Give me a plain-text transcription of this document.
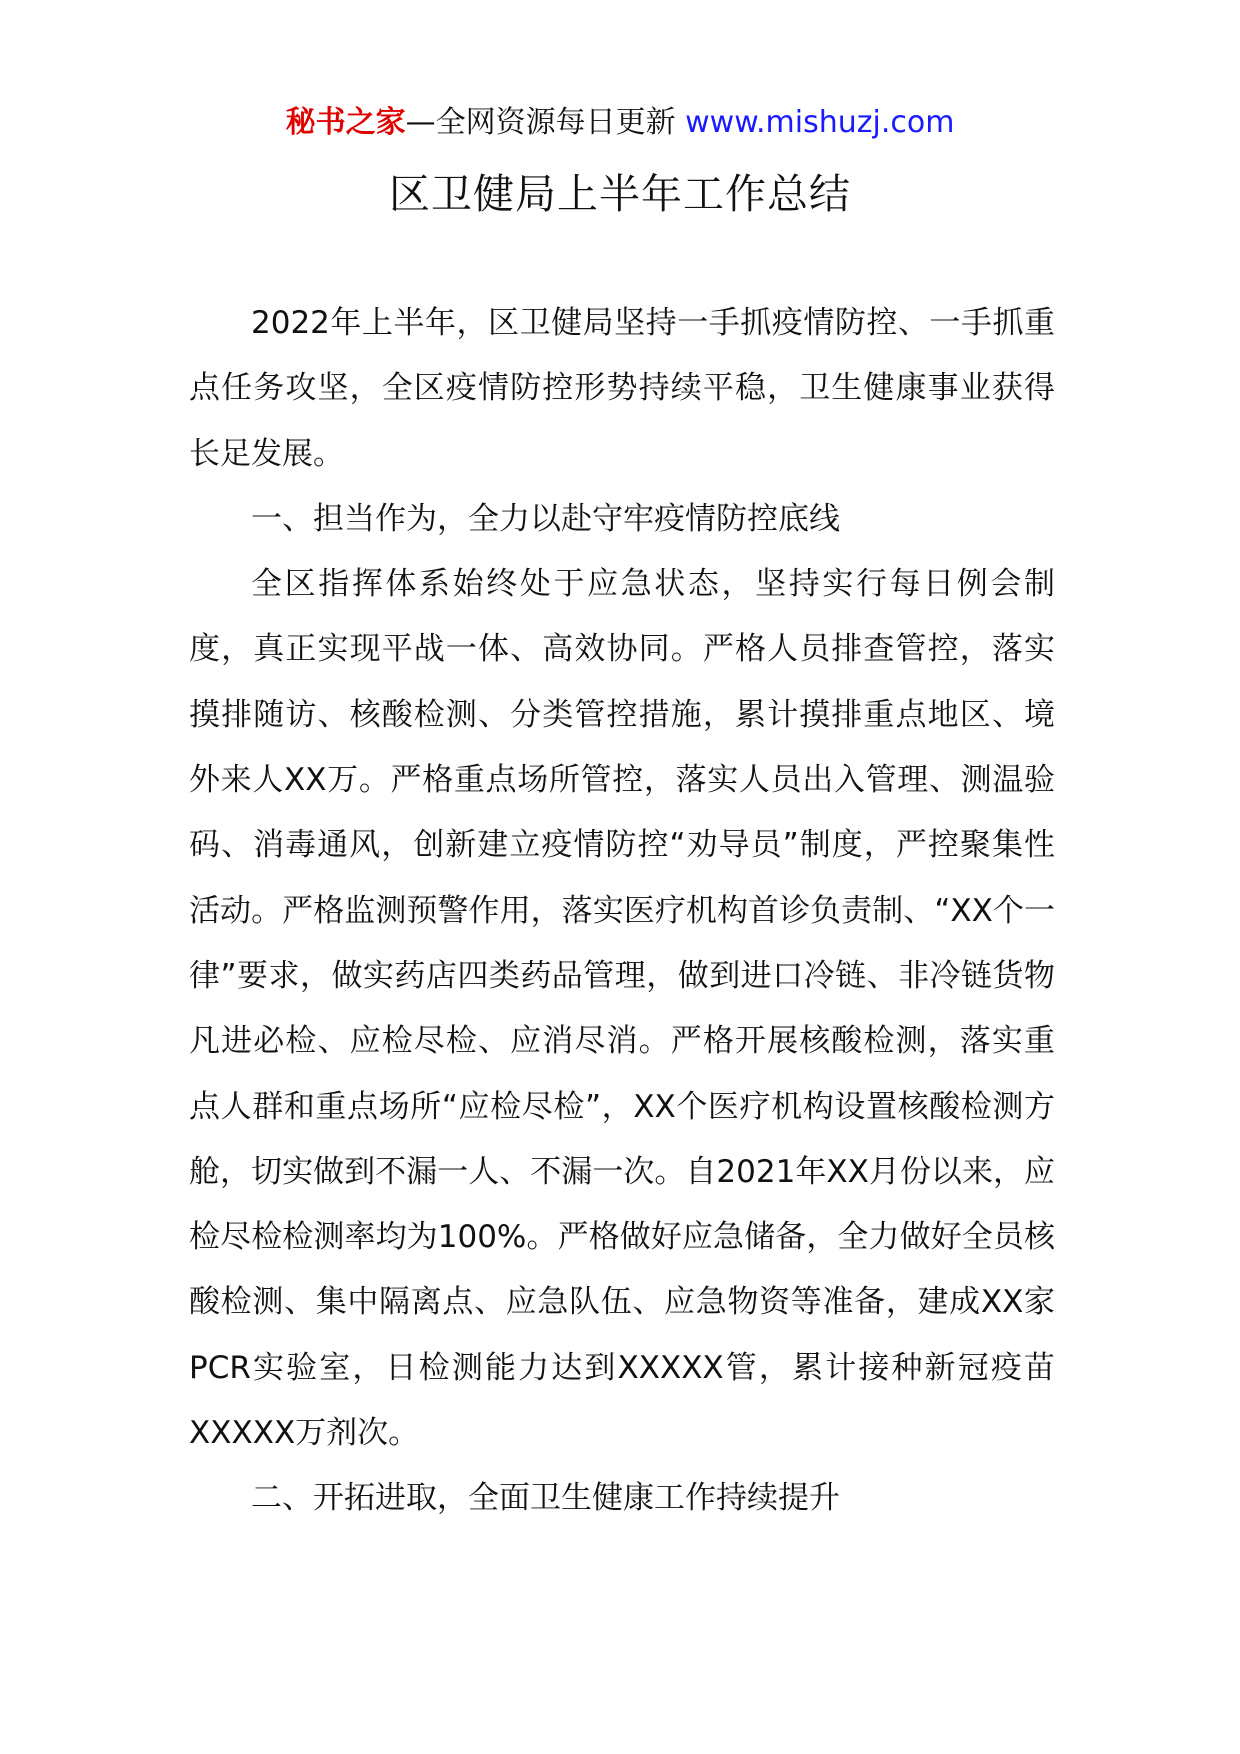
秘书之家—全网资源每日更新 www.mishuzj.com
区卫健局上半年工作总结

2022年上半年，区卫健局坚持一手抓疫情防控、一手抓重点任务攻坚，全区疫情防控形势持续平稳，卫生健康事业获得长足发展。

一、担当作为，全力以赴守牢疫情防控底线

全区指挥体系始终处于应急状态，坚持实行每日例会制度，真正实现平战一体、高效协同。严格人员排查管控，落实摸排随访、核酸检测、分类管控措施，累计摸排重点地区、境外来人XX万。严格重点场所管控，落实人员出入管理、测温验码、消毒通风，创新建立疫情防控“劝导员”制度，严控聚集性活动。严格监测预警作用，落实医疗机构首诊负责制、“XX个一律”要求，做实药店四类药品管理，做到进口冷链、非冷链货物凡进必检、应检尽检、应消尽消。严格开展核酸检测，落实重点人群和重点场所“应检尽检”，XX个医疗机构设置核酸检测方舱，切实做到不漏一人、不漏一次。自2021年XX月份以来，应检尽检检测率均为100%。严格做好应急储备，全力做好全员核酸检测、集中隔离点、应急队伍、应急物资等准备，建成XX家PCR实验室，日检测能力达到XXXXX管，累计接种新冠疫苗XXXXX万剂次。

二、开拓进取，全面卫生健康工作持续提升
